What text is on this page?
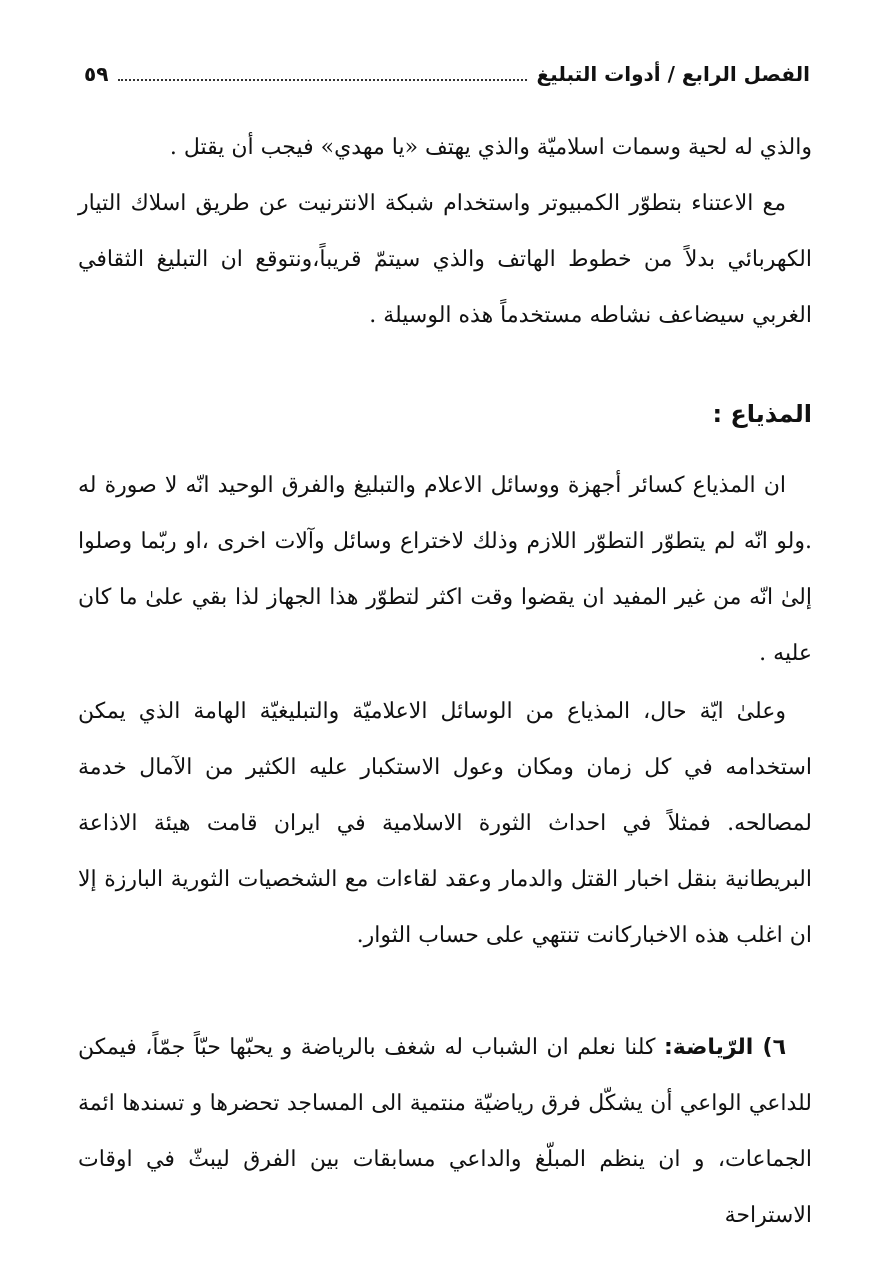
الفصل الرابع / أدوات التبليغ
٥٩

والذي له لحية وسمات اسلاميّة والذي يهتف «يا مهدي» فيجب أن يقتل .

مع الاعتناء بتطوّر الكمبيوتر واستخدام شبكة الانترنيت عن طريق اسلاك التيار الكهربائي بدلاً من خطوط الهاتف والذي سيتمّ قريباً،ونتوقع ان التبليغ الثقافي الغربي سيضاعف نشاطه مستخدماً هذه الوسيلة .

المذياع :

ان المذياع كسائر أجهزة ووسائل الاعلام والتبليغ والفرق الوحيد انّه لا صورة له .ولو انّه لم يتطوّر التطوّر اللازم وذلك لاختراع وسائل وآلات اخرى ،او ربّما وصلوا إلىٰ انّه من غير المفيد ان يقضوا وقت اكثر لتطوّر هذا الجهاز لذا بقي علىٰ ما كان عليه .

وعلىٰ ايّة حال، المذياع من الوسائل الاعلاميّة والتبليغيّة الهامة الذي يمكن استخدامه في كل زمان ومكان وعول الاستكبار عليه الكثير من الآمال خدمة لمصالحه. فمثلاً في احداث الثورة الاسلامية في ايران قامت هيئة الاذاعة البريطانية بنقل اخبار القتل والدمار وعقد لقاءات مع الشخصيات الثورية البارزة إلا ان اغلب هذه الاخباركانت تنتهي على حساب الثوار.

٦) الرّياضة: كلنا نعلم ان الشباب له شغف بالرياضة و يحبّها حبّاً جمّاً، فيمكن للداعي الواعي أن يشكّل فرق رياضيّة منتمية الى المساجد تحضرها و تسندها ائمة الجماعات، و ان ينظم المبلّغ والداعي مسابقات بين الفرق ليبثّ في اوقات الاستراحة
